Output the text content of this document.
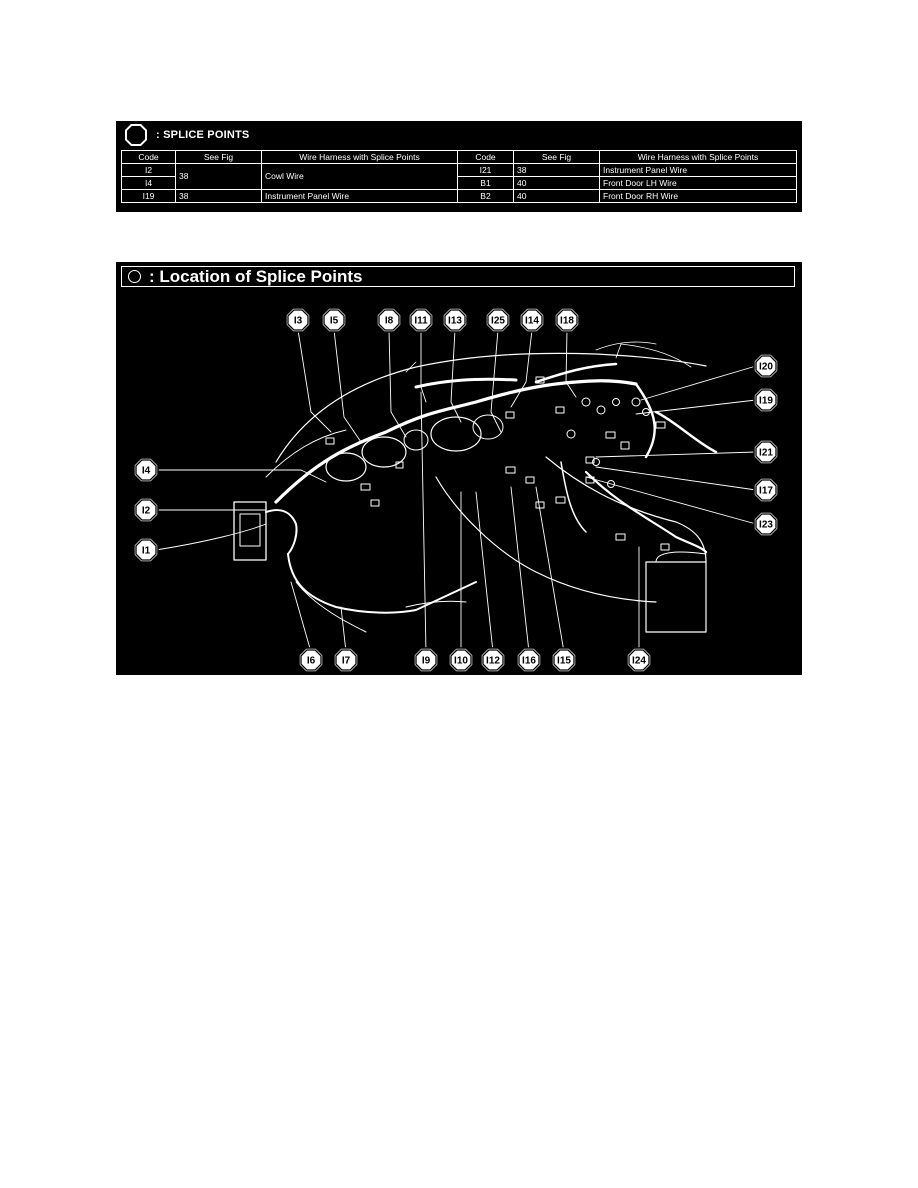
: SPLICE POINTS
Code	See Fig	Wire Harness with Splice Points	Code	See Fig	Wire Harness with Splice Points
I2	38	Cowl Wire	I21	38	Instrument Panel Wire
I4			B1	40	Front Door LH Wire
I19	38	Instrument Panel Wire	B2	40	Front Door RH Wire
I3	I5	I8 I11 I13	I25 I14 I18
I4
I2
I1
I20
I19
I21
I17
I23
I6	I7	I9 I10 I12 I16 I15	I24
: Location of Splice Points
